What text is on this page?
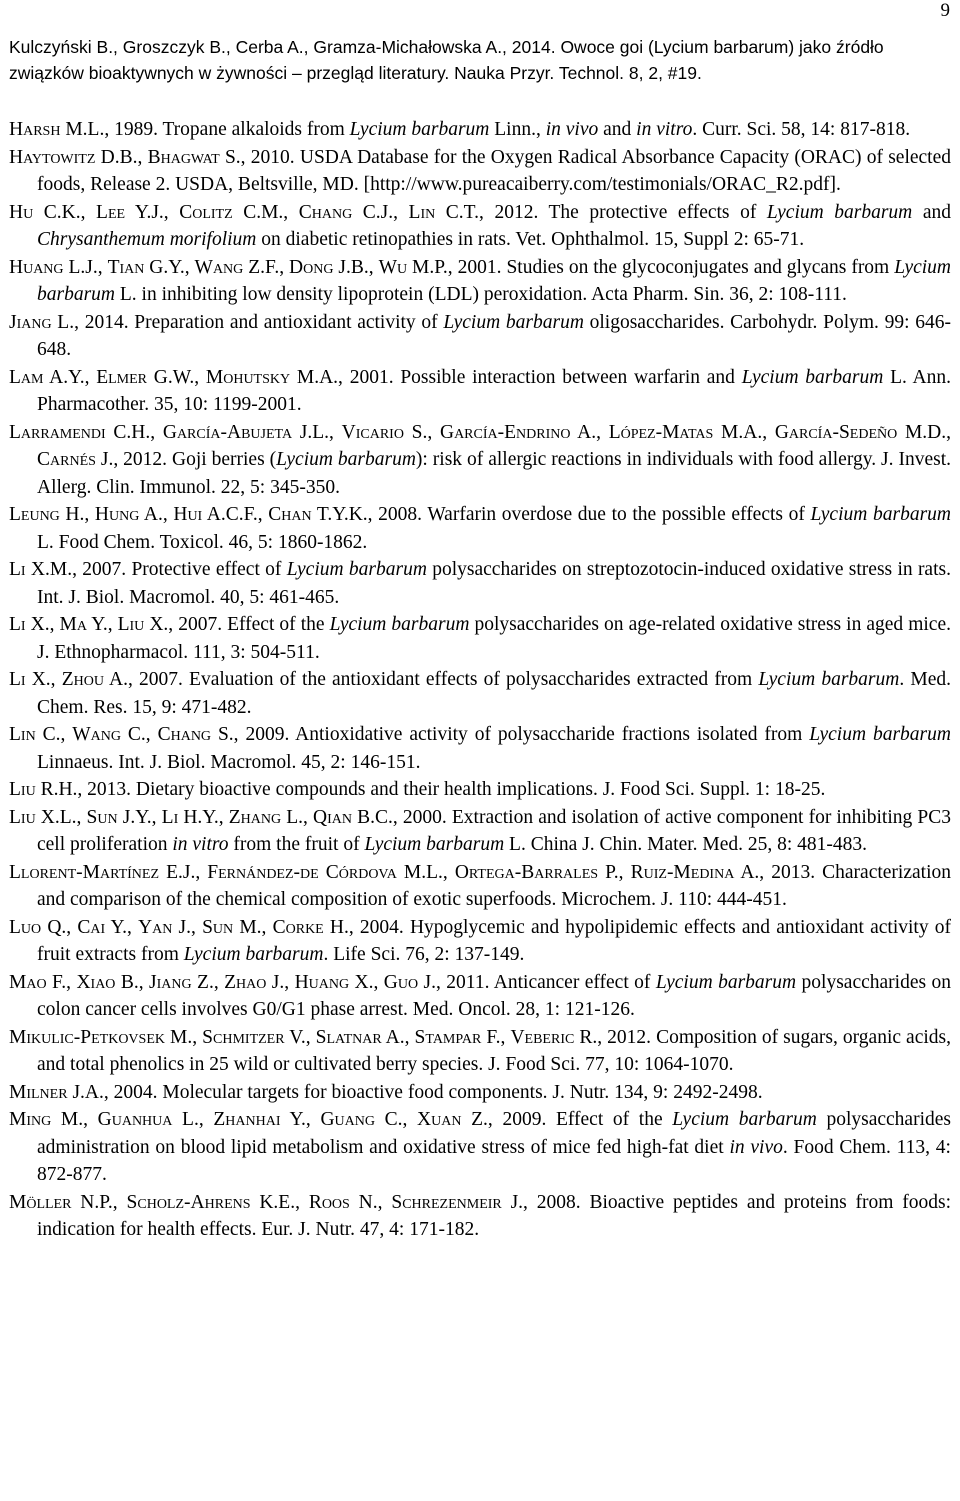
9
Kulczyński B., Groszczyk B., Cerba A., Gramza-Michałowska A., 2014. Owoce goi (Lycium barbarum) jako źródło
związków bioaktywnych w żywności – przegląd literatury. Nauka Przyr. Technol. 8, 2, #19.
Harsh M.L., 1989. Tropane alkaloids from Lycium barbarum Linn., in vivo and in vitro. Curr. Sci. 58, 14: 817-818.
Haytowitz D.B., Bhagwat S., 2010. USDA Database for the Oxygen Radical Absorbance Capacity (ORAC) of selected foods, Release 2. USDA, Beltsville, MD. [http://www.pureacaiberry.com/testimonials/ORAC_R2.pdf].
Hu C.K., Lee Y.J., Colitz C.M., Chang C.J., Lin C.T., 2012. The protective effects of Lycium barbarum and Chrysanthemum morifolium on diabetic retinopathies in rats. Vet. Ophthalmol. 15, Suppl 2: 65-71.
Huang L.J., Tian G.Y., Wang Z.F., Dong J.B., Wu M.P., 2001. Studies on the glycoconjugates and glycans from Lycium barbarum L. in inhibiting low density lipoprotein (LDL) peroxidation. Acta Pharm. Sin. 36, 2: 108-111.
Jiang L., 2014. Preparation and antioxidant activity of Lycium barbarum oligosaccharides. Carbohydr. Polym. 99: 646-648.
Lam A.Y., Elmer G.W., Mohutsky M.A., 2001. Possible interaction between warfarin and Lycium barbarum L. Ann. Pharmacother. 35, 10: 1199-2001.
Larramendi C.H., García-Abujeta J.L., Vicario S., García-Endrino A., López-Matas M.A., García-Sedeño M.D., Carnés J., 2012. Goji berries (Lycium barbarum): risk of allergic reactions in individuals with food allergy. J. Invest. Allerg. Clin. Immunol. 22, 5: 345-350.
Leung H., Hung A., Hui A.C.F., Chan T.Y.K., 2008. Warfarin overdose due to the possible effects of Lycium barbarum L. Food Chem. Toxicol. 46, 5: 1860-1862.
Li X.M., 2007. Protective effect of Lycium barbarum polysaccharides on streptozotocin-induced oxidative stress in rats. Int. J. Biol. Macromol. 40, 5: 461-465.
Li X., Ma Y., Liu X., 2007. Effect of the Lycium barbarum polysaccharides on age-related oxidative stress in aged mice. J. Ethnopharmacol. 111, 3: 504-511.
Li X., Zhou A., 2007. Evaluation of the antioxidant effects of polysaccharides extracted from Lycium barbarum. Med. Chem. Res. 15, 9: 471-482.
Lin C., Wang C., Chang S., 2009. Antioxidative activity of polysaccharide fractions isolated from Lycium barbarum Linnaeus. Int. J. Biol. Macromol. 45, 2: 146-151.
Liu R.H., 2013. Dietary bioactive compounds and their health implications. J. Food Sci. Suppl. 1: 18-25.
Liu X.L., Sun J.Y., Li H.Y., Zhang L., Qian B.C., 2000. Extraction and isolation of active component for inhibiting PC3 cell proliferation in vitro from the fruit of Lycium barbarum L. China J. Chin. Mater. Med. 25, 8: 481-483.
Llorent-Martínez E.J., Fernández-de Córdova M.L., Ortega-Barrales P., Ruiz-Medina A., 2013. Characterization and comparison of the chemical composition of exotic superfoods. Microchem. J. 110: 444-451.
Luo Q., Cai Y., Yan J., Sun M., Corke H., 2004. Hypoglycemic and hypolipidemic effects and antioxidant activity of fruit extracts from Lycium barbarum. Life Sci. 76, 2: 137-149.
Mao F., Xiao B., Jiang Z., Zhao J., Huang X., Guo J., 2011. Anticancer effect of Lycium barbarum polysaccharides on colon cancer cells involves G0/G1 phase arrest. Med. Oncol. 28, 1: 121-126.
Mikulic-Petkovsek M., Schmitzer V., Slatnar A., Stampar F., Veberic R., 2012. Composition of sugars, organic acids, and total phenolics in 25 wild or cultivated berry species. J. Food Sci. 77, 10: 1064-1070.
Milner J.A., 2004. Molecular targets for bioactive food components. J. Nutr. 134, 9: 2492-2498.
Ming M., Guanhua L., Zhanhai Y., Guang C., Xuan Z., 2009. Effect of the Lycium barbarum polysaccharides administration on blood lipid metabolism and oxidative stress of mice fed high-fat diet in vivo. Food Chem. 113, 4: 872-877.
Möller N.P., Scholz-Ahrens K.E., Roos N., Schrezenmeir J., 2008. Bioactive peptides and proteins from foods: indication for health effects. Eur. J. Nutr. 47, 4: 171-182.
